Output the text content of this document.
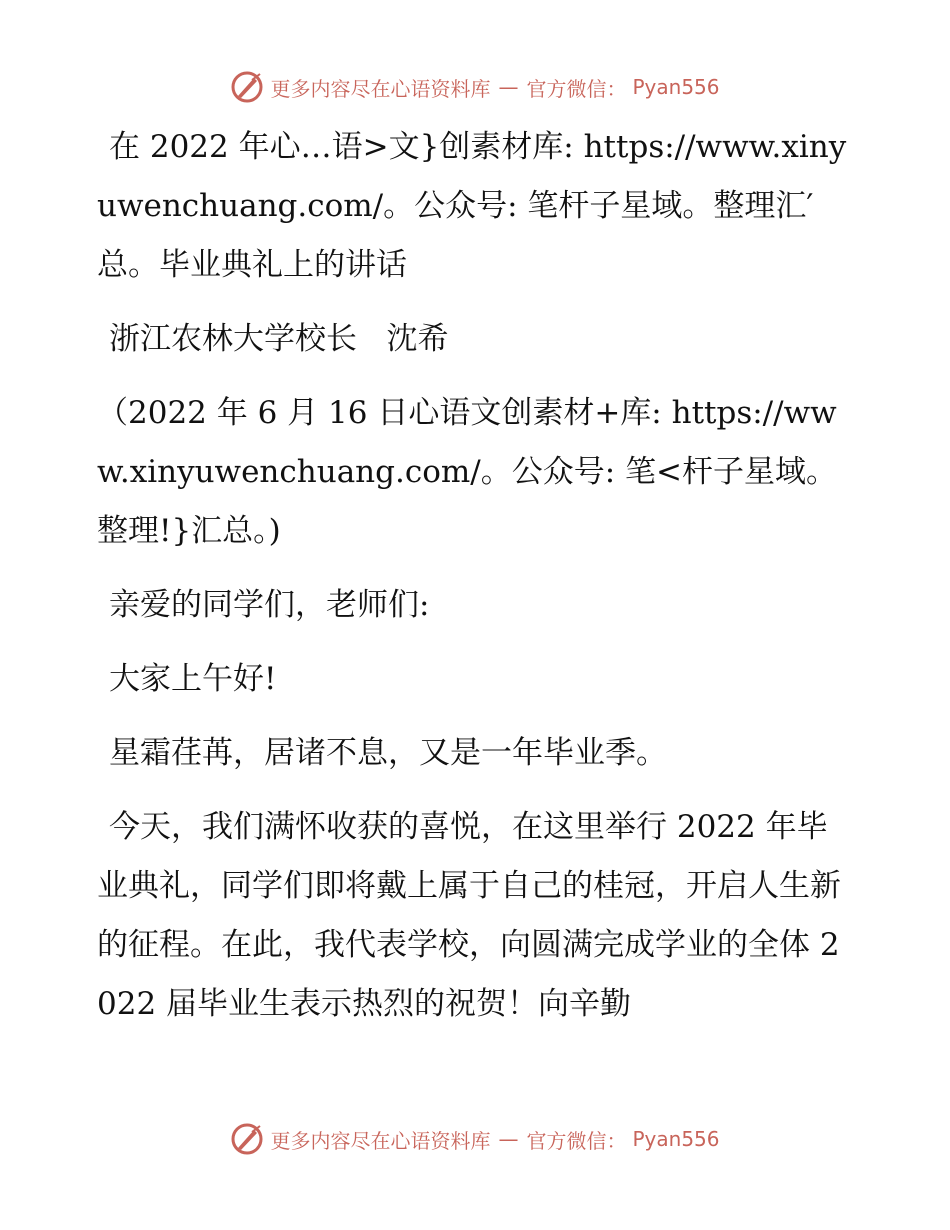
更多内容尽在心语资料库 — 官方微信： Pyan556

在 2022 年心…语>文}创素材库: https://www.xinyuwenchuang.com/。公众号: 笔杆子星域。整理汇′总。毕业典礼上的讲话

浙江农林大学校长   沈希

（2022 年 6 月 16 日心语文创素材+库: https://www.xinyuwenchuang.com/。公众号: 笔<杆子星域。整理!}汇总。)

亲爱的同学们，老师们:

大家上午好!

星霜荏苒，居诸不息，又是一年毕业季。

今天，我们满怀收获的喜悦，在这里举行 2022 年毕业典礼，同学们即将戴上属于自己的桂冠，开启人生新的征程。在此，我代表学校，向圆满完成学业的全体 2022 届毕业生表示热烈的祝贺！向辛勤

更多内容尽在心语资料库 — 官方微信： Pyan556
